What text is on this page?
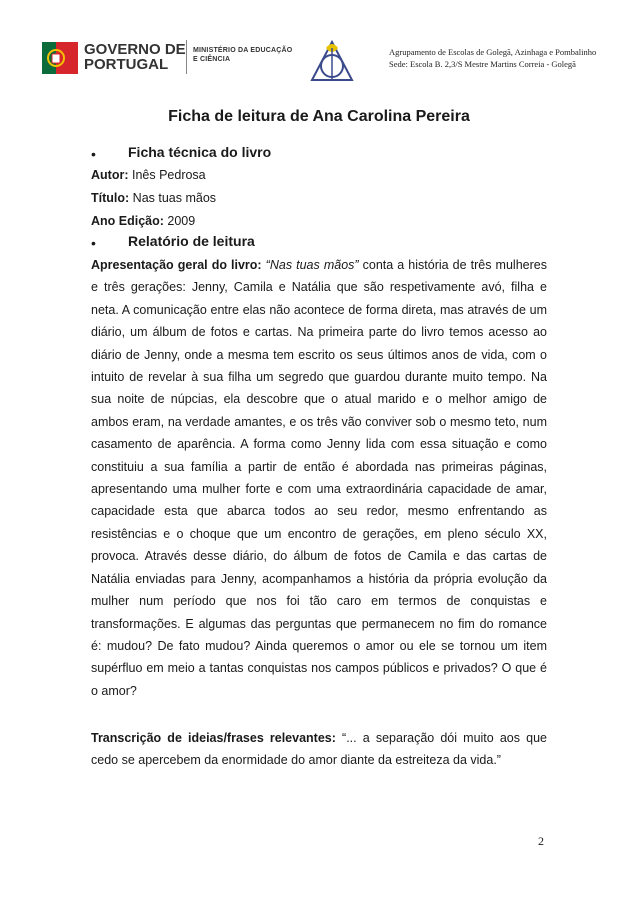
GOVERNO DE
PORTUGAL
MINISTÉRIO DA EDUCAÇÃO
E CIÊNCIA
Agrupamento de Escolas de Golegã, Azinhaga e Pombalinho
Sede: Escola B. 2,3/S Mestre Martins Correia - Golegã
Ficha de leitura de Ana Carolina Pereira
• Ficha técnica do livro
Autor: Inês Pedrosa
Título: Nas tuas mãos
Ano Edição: 2009
• Relatório de leitura
Apresentação geral do livro: “Nas tuas mãos” conta a história de três mulheres e três gerações: Jenny, Camila e Natália que são respetivamente avó, filha e neta. A comunicação entre elas não acontece de forma direta, mas através de um diário, um álbum de fotos e cartas. Na primeira parte do livro temos acesso ao diário de Jenny, onde a mesma tem escrito os seus últimos anos de vida, com o intuito de revelar à sua filha um segredo que guardou durante muito tempo. Na sua noite de núpcias, ela descobre que o atual marido e o melhor amigo de ambos eram, na verdade amantes, e os três vão conviver sob o mesmo teto, num casamento de aparência. A forma como Jenny lida com essa situação e como constituiu a sua família a partir de então é abordada nas primeiras páginas, apresentando uma mulher forte e com uma extraordinária capacidade de amar, capacidade esta que abarca todos ao seu redor, mesmo enfrentando as resistências e o choque que um encontro de gerações, em pleno século XX, provoca. Através desse diário, do álbum de fotos de Camila e das cartas de Natália enviadas para Jenny, acompanhamos a história da própria evolução da mulher num período que nos foi tão caro em termos de conquistas e transformações. E algumas das perguntas que permanecem no fim do romance é: mudou? De fato mudou? Ainda queremos o amor ou ele se tornou um item supérfluo em meio a tantas conquistas nos campos públicos e privados? O que é o amor?
Transcrição de ideias/frases relevantes: “... a separação dói muito aos que cedo se apercebem da enormidade do amor diante da estreiteza da vida.”
2
